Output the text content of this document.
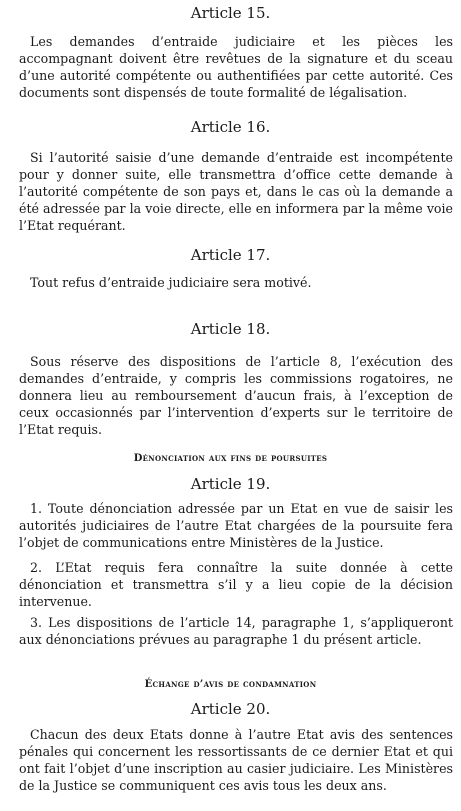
Article 15.

Les demandes d’entraide judiciaire et les pièces les accompagnant doivent être revêtues de la signature et du sceau d’une autorité compétente ou authentifiées par cette autorité. Ces documents sont dispensés de toute formalité de légalisation.

Article 16.

Si l’autorité saisie d’une demande d’entraide est incompétente pour y donner suite, elle transmettra d’office cette demande à l’autorité compétente de son pays et, dans le cas où la demande a été adressée par la voie directe, elle en informera par la même voie l’Etat requérant.

Article 17.

Tout refus d’entraide judiciaire sera motivé.

Article 18.

Sous réserve des dispositions de l’article 8, l’exécution des demandes d’entraide, y compris les commissions rogatoires, ne donnera lieu au remboursement d’aucun frais, à l’exception de ceux occasionnés par l’intervention d’experts sur le territoire de l’Etat requis.

Dénonciation aux fins de poursuites
Article 19.

1. Toute dénonciation adressée par un Etat en vue de saisir les autorités judiciaires de l’autre Etat chargées de la poursuite fera l’objet de communications entre Ministères de la Justice.

2. L’Etat requis fera connaître la suite donnée à cette dénonciation et transmettra s’il y a lieu copie de la décision intervenue.

3. Les dispositions de l’article 14, paragraphe 1, s’appliqueront aux dénonciations prévues au paragraphe 1 du présent article.

Échange d’avis de condamnation
Article 20.

Chacun des deux Etats donne à l’autre Etat avis des sentences pénales qui concernent les ressortissants de ce dernier Etat et qui ont fait l’objet d’une inscription au casier judiciaire. Les Ministères de la Justice se communiquent ces avis tous les deux ans.
